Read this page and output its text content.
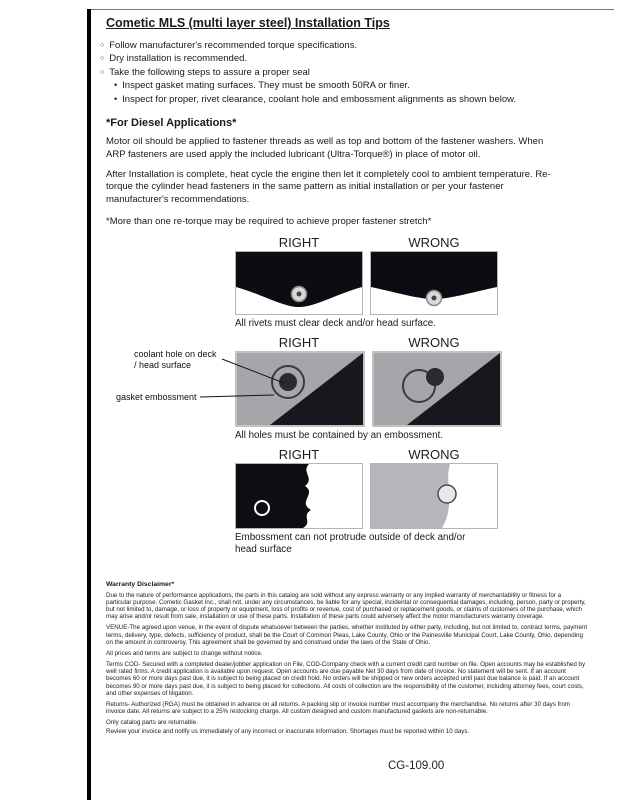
Cometic MLS (multi layer steel) Installation Tips
○ Follow manufacturer's recommended torque specifications.
○ Dry installation is recommended.
○ Take the following steps to assure a proper seal
• Inspect gasket mating surfaces. They must be smooth 50RA or finer.
• Inspect for proper, rivet clearance, coolant hole and embossment alignments as shown below.
*For Diesel Applications*

Motor oil should be applied to fastener threads as well as top and bottom of the fastener washers. When ARP fasteners are used apply the included lubricant (Ultra-Torque®) in place of motor oil.

After Installation is complete, heat cycle the engine then let it completely cool to ambient temperature. Re-torque the cylinder head fasteners in the same pattern as initial installation or per your fastener manufacturer's recommendations.

*More than one re-torque may be required to achieve proper fastener stretch*

RIGHT	WRONG
All rivets must clear deck and/or head surface.
RIGHT	WRONG
All holes must be contained by an embossment.
coolant hole on deck / head surface
gasket embossment
RIGHT	WRONG
Embossment can not protrude outside of deck and/or head surface
Warranty Disclaimer*

Due to the nature of performance applications, the parts in this catalog are sold without any express warranty or any implied warranty of merchantability or fitness for a particular purpose. Cometic Gasket Inc., shall not, under any circumstances, be liable for any special, incidental or consequential damages, including, person, party or property, but not limited to, damage, or loss of property or equipment, loss of profits or revenue, cost of purchased or replacement goods, or claims of customers of the purchase, which may arise and/or result from sale, installation or use of these parts. Installation of these parts could adversely affect the motor manufacturers warranty coverage.

VENUE-The agreed upon venue, in the event of dispute whatsoever between the parties, whether instituted by either party, including, but not limited to, contract terms, payment terms, delivery, type, defects, sufficiency of product, shall be the Court of Common Pleas, Lake County, Ohio or the Painesville Municipal Court, Lake County, Ohio, depending on the amount in controversy. This agreement shall be governed by and construed under the laws of the State of Ohio.

All prices and terms are subject to change without notice.

Terms COD- Secured with a completed dealer/jobber application on File, COD-Company check with a current credit card number on file. Open accounts may be established by well rated firms. A credit application is available upon request. Open accounts are due payable Net 30 days from date of invoice. No statement will be sent. If an account becomes 60 or more days past due, it is subject to being placed on credit hold. No orders will be shipped or new orders accepted until past due balance is paid. If an account becomes 90 or more days past due, it is subject to being placed for collections. All costs of collection are the responsibility of the customer, including attorney fees, court costs, and other expenses of litigation.

Returns- Authorized (RGA) must be obtained in advance on all returns. A packing slip or invoice number must accompany the merchandise. No returns after 30 days from invoice date. All returns are subject to a 25% restocking charge. All custom designed and custom manufactured gaskets are non-returnable.

Only catalog parts are returnable.

Review your invoice and notify us immediately of any incorrect or inaccurate information. Shortages must be reported within 10 days.

CG-109.00
